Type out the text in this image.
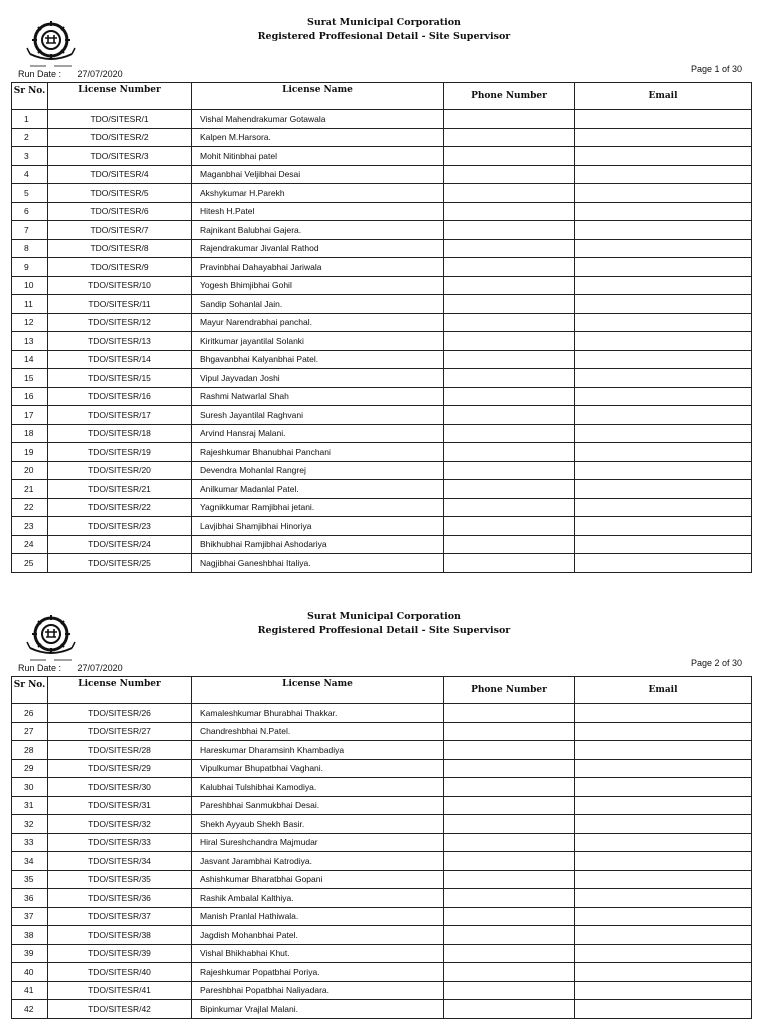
Surat Municipal Corporation
Registered Proffesional Detail - Site Supervisor
Run Date : 27/07/2020	Page 1 of 30
Sr No.	License Number	License Name	Phone Number	Email
1	TDO/SITESR/1	Vishal Mahendrakumar Gotawala		
2	TDO/SITESR/2	Kalpen M.Harsora.		
3	TDO/SITESR/3	Mohit Nitinbhai patel		
4	TDO/SITESR/4	Maganbhai Veljibhai Desai		
5	TDO/SITESR/5	Akshykumar H.Parekh		
6	TDO/SITESR/6	Hitesh H.Patel		
7	TDO/SITESR/7	Rajnikant Balubhai Gajera.		
8	TDO/SITESR/8	Rajendrakumar Jivanlal Rathod		
9	TDO/SITESR/9	Pravinbhai Dahayabhai Jariwala		
10	TDO/SITESR/10	Yogesh Bhimjibhai Gohil		
11	TDO/SITESR/11	Sandip Sohanlal Jain.		
12	TDO/SITESR/12	Mayur Narendrabhai panchal.		
13	TDO/SITESR/13	Kiritkumar jayantilal Solanki		
14	TDO/SITESR/14	Bhgavanbhai Kalyanbhai Patel.		
15	TDO/SITESR/15	Vipul Jayvadan Joshi		
16	TDO/SITESR/16	Rashmi Natwarlal Shah		
17	TDO/SITESR/17	Suresh Jayantilal Raghvani		
18	TDO/SITESR/18	Arvind Hansraj Malani.		
19	TDO/SITESR/19	Rajeshkumar Bhanubhai Panchani		
20	TDO/SITESR/20	Devendra Mohanlal Rangrej		
21	TDO/SITESR/21	Anilkumar Madanlal Patel.		
22	TDO/SITESR/22	Yagnikkumar Ramjibhai jetani.		
23	TDO/SITESR/23	Lavjibhai Shamjibhai Hinoriya		
24	TDO/SITESR/24	Bhikhubhai Ramjibhai Ashodariya		
25	TDO/SITESR/25	Nagjibhai Ganeshbhai Italiya.		
Surat Municipal Corporation
Registered Proffesional Detail - Site Supervisor
Run Date : 27/07/2020	Page 2 of 30
Sr No.	License Number	License Name	Phone Number	Email
26	TDO/SITESR/26	Kamaleshkumar Bhurabhai Thakkar.		
27	TDO/SITESR/27	Chandreshbhai N.Patel.		
28	TDO/SITESR/28	Hareskumar Dharamsinh Khambadiya		
29	TDO/SITESR/29	Vipulkumar Bhupatbhai Vaghani.		
30	TDO/SITESR/30	Kalubhai Tulshibhai Kamodiya.		
31	TDO/SITESR/31	Pareshbhai Sanmukbhai Desai.		
32	TDO/SITESR/32	Shekh Ayyaub Shekh Basir.		
33	TDO/SITESR/33	Hiral Sureshchandra Majmudar		
34	TDO/SITESR/34	Jasvant Jarambhai Katrodiya.		
35	TDO/SITESR/35	Ashishkumar Bharatbhai Gopani		
36	TDO/SITESR/36	Rashik Ambalal Kalthiya.		
37	TDO/SITESR/37	Manish Pranlal Hathiwala.		
38	TDO/SITESR/38	Jagdish Mohanbhai Patel.		
39	TDO/SITESR/39	Vishal Bhikhabhai Khut.		
40	TDO/SITESR/40	Rajeshkumar Popatbhai Poriya.		
41	TDO/SITESR/41	Pareshbhai Popatbhai Naliyadara.		
42	TDO/SITESR/42	Bipinkumar Vrajlal Malani.		
